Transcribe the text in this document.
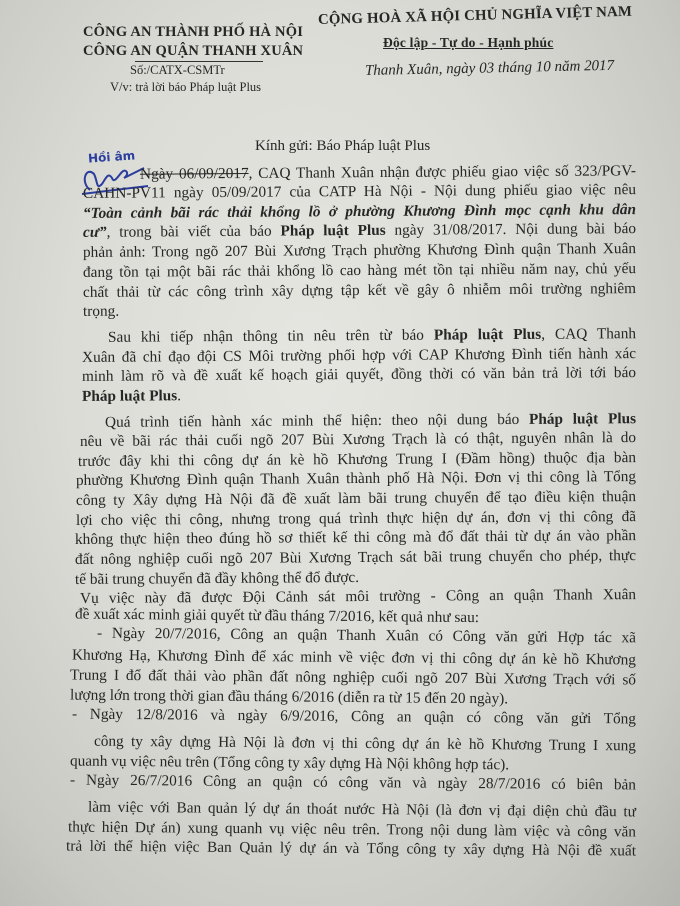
CÔNG AN THÀNH PHỐ HÀ NỘI
CÔNG AN QUẬN THANH XUÂN
Số:/CATX-CSMTr
V/v: trả lời báo Pháp luật Plus
CỘNG HOÀ XÃ HỘI CHỦ NGHĨA VIỆT NAM
Độc lập - Tự do - Hạnh phúc
Thanh Xuân, ngày 03 tháng 10 năm 2017
Kính gửi: Báo Pháp luật Plus
Hồi âm
Ngày 06/09/2017, CAQ Thanh Xuân nhận được phiếu giao việc số 323/PGV-
CAHN-PV11 ngày 05/09/2017 của CATP Hà Nội - Nội dung phiếu giao việc nêu
“Toàn cảnh bãi rác thải khổng lồ ở phường Khương Đình mọc cạnh khu dân
cư”, trong bài viết của báo Pháp luật Plus ngày 31/08/2017. Nội dung bài báo
phản ảnh: Trong ngõ 207 Bùi Xương Trạch phường Khương Đình quận Thanh Xuân
đang tồn tại một bãi rác thải khổng lồ cao hàng mét tồn tại nhiều năm nay, chủ yếu
chất thải từ các công trình xây dựng tập kết về gây ô nhiễm môi trường nghiêm
trọng.
Sau khi tiếp nhận thông tin nêu trên từ báo Pháp luật Plus, CAQ Thanh
Xuân đã chỉ đạo đội CS Môi trường phối hợp với CAP Khương Đình tiến hành xác
minh làm rõ và đề xuất kế hoạch giải quyết, đồng thời có văn bản trả lời tới báo
Pháp luật Plus.
Quá trình tiến hành xác minh thể hiện: theo nội dung báo Pháp luật Plus
nêu về bãi rác thải cuối ngõ 207 Bùi Xương Trạch là có thật, nguyên nhân là do
trước đây khi thi công dự án kè hồ Khương Trung I (Đầm hồng) thuộc địa bàn
phường Khương Đình quận Thanh Xuân thành phố Hà Nội. Đơn vị thi công là Tổng
công ty Xây dựng Hà Nội đã đề xuất làm bãi trung chuyển để tạo điều kiện thuận
lợi cho việc thi công, nhưng trong quá trình thực hiện dự án, đơn vị thi công đã
không thực hiện theo đúng hồ sơ thiết kế thi công mà đổ đất thải từ dự án vào phần
đất nông nghiệp cuối ngõ 207 Bùi Xương Trạch sát bãi trung chuyển cho phép, thực
tế bãi trung chuyển đã đầy không thể đổ được.
Vụ việc này đã được Đội Cảnh sát môi trường - Công an quận Thanh Xuân
đề xuất xác minh giải quyết từ đầu tháng 7/2016, kết quả như sau:
- Ngày 20/7/2016, Công an quận Thanh Xuân có Công văn gửi Hợp tác xã
Khương Hạ, Khương Đình để xác minh về việc đơn vị thi công dự án kè hồ Khương
Trung I đổ đất thải vào phần đất nông nghiệp cuối ngõ 207 Bùi Xương Trạch với số
lượng lớn trong thời gian đầu tháng 6/2016 (diễn ra từ 15 đến 20 ngày).
- Ngày 12/8/2016 và ngày 6/9/2016, Công an quận có công văn gửi Tổng
công ty xây dựng Hà Nội là đơn vị thi công dự án kè hồ Khương Trung I xung
quanh vụ việc nêu trên (Tổng công ty xây dựng Hà Nội không hợp tác).
- Ngày 26/7/2016 Công an quận có công văn và ngày 28/7/2016 có biên bản
làm việc với Ban quản lý dự án thoát nước Hà Nội (là đơn vị đại diện chủ đầu tư
thực hiện Dự án) xung quanh vụ việc nêu trên. Trong nội dung làm việc và công văn
trả lời thể hiện việc Ban Quản lý dự án và Tổng công ty xây dựng Hà Nội đề xuất
